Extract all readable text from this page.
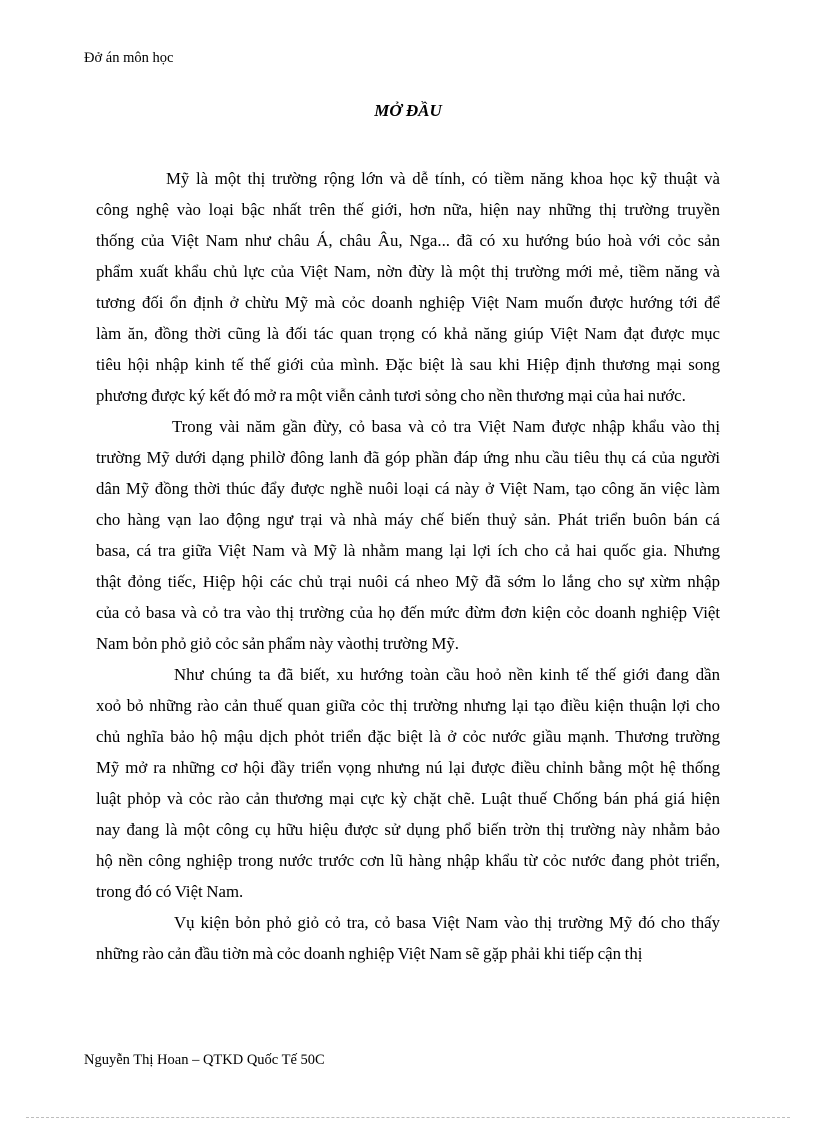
Đở án môn học
MỞ ĐẦU
Mỹ là một thị trường rộng lớn và dễ tính, có tiềm năng khoa học kỹ thuật và
công nghệ vào loại bậc nhất trên thế giới, hơn nữa, hiện nay những thị trường truyền
thống của Việt Nam như châu Á, châu Âu, Nga... đã có xu hướng búo hoà với cỏc sản
phẩm xuất khẩu chủ lực của Việt Nam, nờn đừy là một thị trường mới mẻ, tiềm năng và
tương đối ổn định ở chừu Mỹ mà cỏc doanh nghiệp Việt Nam muốn được hướng tới để
làm ăn, đồng thời cũng là đối tác quan trọng có khả năng giúp Việt Nam đạt được mục
tiêu hội nhập kinh tế thế giới của mình. Đặc biệt là sau khi Hiệp định thương mại song
phương được ký kết đó mở ra một viễn cảnh tươi sỏng cho nền thương mại của hai nước.
Trong vài năm gần đừy, cỏ basa và cỏ tra Việt Nam được nhập khẩu vào thị
trường Mỹ dưới dạng philờ đông lanh đã góp phần đáp ứng nhu cầu tiêu thụ cá của người
dân Mỹ đồng thời thúc đẩy được nghề nuôi loại cá này ở Việt Nam, tạo công ăn việc làm
cho hàng vạn lao động ngư trại và nhà máy chế biến thuỷ sản. Phát triển buôn bán cá
basa, cá tra giữa Việt Nam và Mỹ là nhằm mang lại lợi ích cho cả hai quốc gia. Nhưng
thật đỏng tiếc, Hiệp hội các chủ trại nuôi cá nheo Mỹ đã sớm lo lắng cho sự xừm nhập
của cỏ basa và cỏ tra vào thị trường của họ đến mức đừm đơn kiện cỏc doanh nghiệp Việt
Nam bỏn phỏ giỏ cỏc sản phẩm này vàothị trường Mỹ.
Như chúng ta đã biết, xu hướng toàn cầu hoỏ nền kinh tế thế giới đang dần
xoỏ bỏ những rào cản thuế quan giữa cỏc thị trường nhưng lại tạo điều kiện thuận lợi cho
chủ nghĩa bảo hộ mậu dịch phỏt triển đặc biệt là ở cỏc nước giầu mạnh. Thương trường
Mỹ mở ra những cơ hội đầy triển vọng nhưng nú lại được điều chỉnh bằng một hệ thống
luật phỏp và cỏc rào cản thương mại cực kỳ chặt chẽ. Luật thuế Chống bán phá giá hiện
nay đang là một công cụ hữu hiệu được sử dụng phổ biến trờn thị trường này nhằm bảo
hộ nền công nghiệp trong nước trước cơn lũ hàng nhập khẩu từ cỏc nước đang phỏt triển,
trong đó có Việt Nam.
Vụ kiện bỏn phỏ giỏ cỏ tra, cỏ basa Việt Nam vào thị trường Mỹ đó cho thấy
những rào cản đầu tiờn mà cỏc doanh nghiệp Việt Nam sẽ gặp phải khi tiếp cận thị
Nguyễn Thị Hoan – QTKD Quốc Tế 50C
